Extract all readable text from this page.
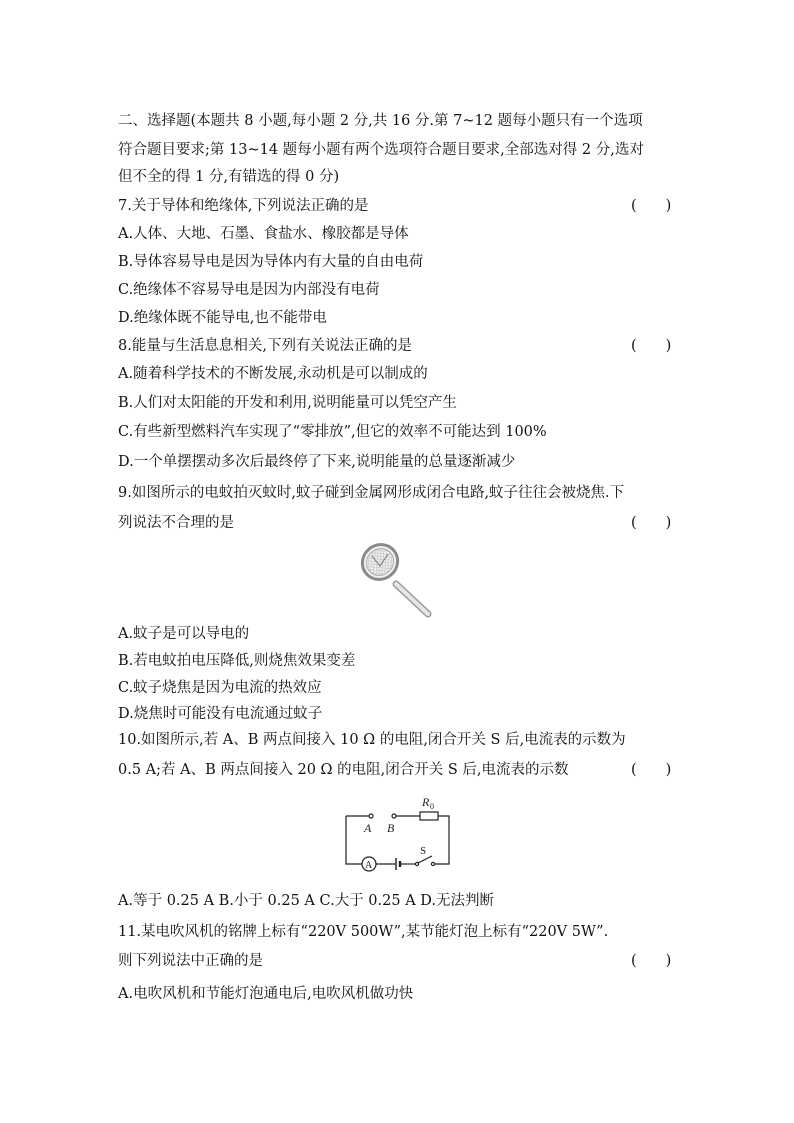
二、选择题(本题共 8 小题,每小题 2 分,共 16 分.第 7~12 题每小题只有一个选项
符合题目要求;第 13~14 题每小题有两个选项符合题目要求,全部选对得 2 分,选对
但不全的得 1 分,有错选的得 0 分)
7.关于导体和绝缘体,下列说法正确的是	(　　)
A.人体、大地、石墨、食盐水、橡胶都是导体
B.导体容易导电是因为导体内有大量的自由电荷
C.绝缘体不容易导电是因为内部没有电荷
D.绝缘体既不能导电,也不能带电
8.能量与生活息息相关,下列有关说法正确的是	(　　)
A.随着科学技术的不断发展,永动机是可以制成的
B.人们对太阳能的开发和利用,说明能量可以凭空产生
C.有些新型燃料汽车实现了“零排放”,但它的效率不可能达到 100%
D.一个单摆摆动多次后最终停了下来,说明能量的总量逐渐减少
9.如图所示的电蚊拍灭蚊时,蚊子碰到金属网形成闭合电路,蚊子往往会被烧焦.下
列说法不合理的是	(　　)
A.蚊子是可以导电的
B.若电蚊拍电压降低,则烧焦效果变差
C.蚊子烧焦是因为电流的热效应
D.烧焦时可能没有电流通过蚊子
10.如图所示,若 A、B 两点间接入 10 Ω 的电阻,闭合开关 S 后,电流表的示数为
0.5 A;若 A、B 两点间接入 20 Ω 的电阻,闭合开关 S 后,电流表的示数	(　　)
A B
R 0
A
S
A.等于 0.25 A B.小于 0.25 A C.大于 0.25 A D.无法判断
11.某电吹风机的铭牌上标有“220V 500W”,某节能灯泡上标有“220V 5W”.
则下列说法中正确的是	(　　)
A.电吹风机和节能灯泡通电后,电吹风机做功快
